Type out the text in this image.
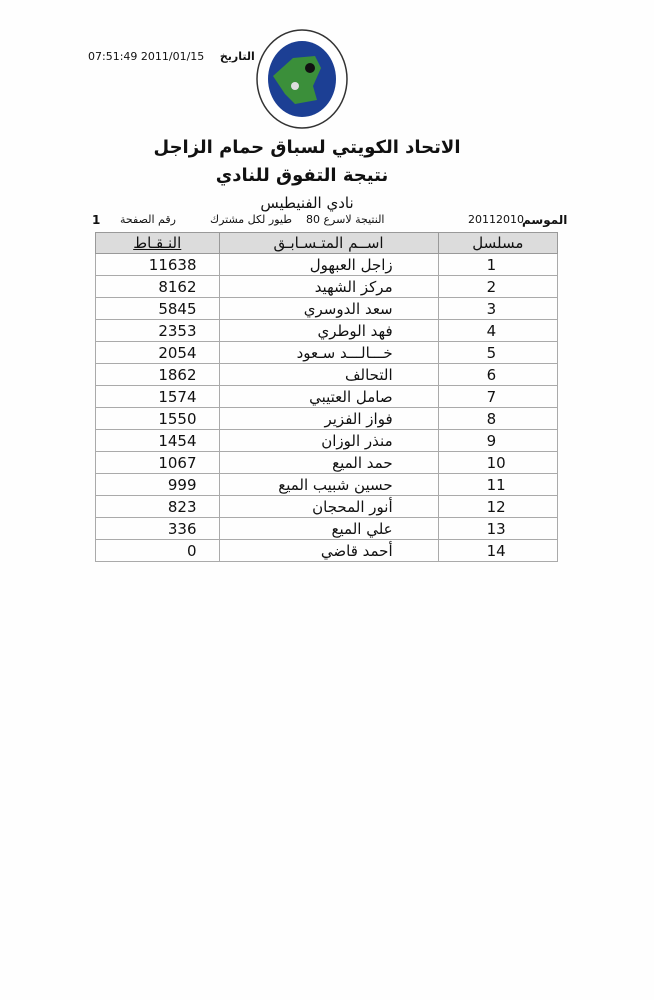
07:51:49 2011/01/15 التاريخ
الاتحاد الكويتي لسباق حمام الزاجل
نتيجة التفوق للنادي
نادي الفنيطيس
1 رقم الصفحة	طيور لكل مشترك النتيجة لاسرع 80	20112010
الموسم
النـقـاط	اســم المتـسـابـق	مسلسل
11638	زاجل العبهول	1
8162	مركز الشهيد	2
5845	سعد الدوسري	3
2353	فهد الوطري	4
2054	خـــالـــد سـعود	5
1862	التحالف	6
1574	صامل العتيبي	7
1550	فواز الفزير	8
1454	منذر الوزان	9
1067	حمد الميع	10
999	حسين شبيب الميع	11
823	أنور المحجان	12
336	علي الميع	13
0	أحمد قاضي	14
